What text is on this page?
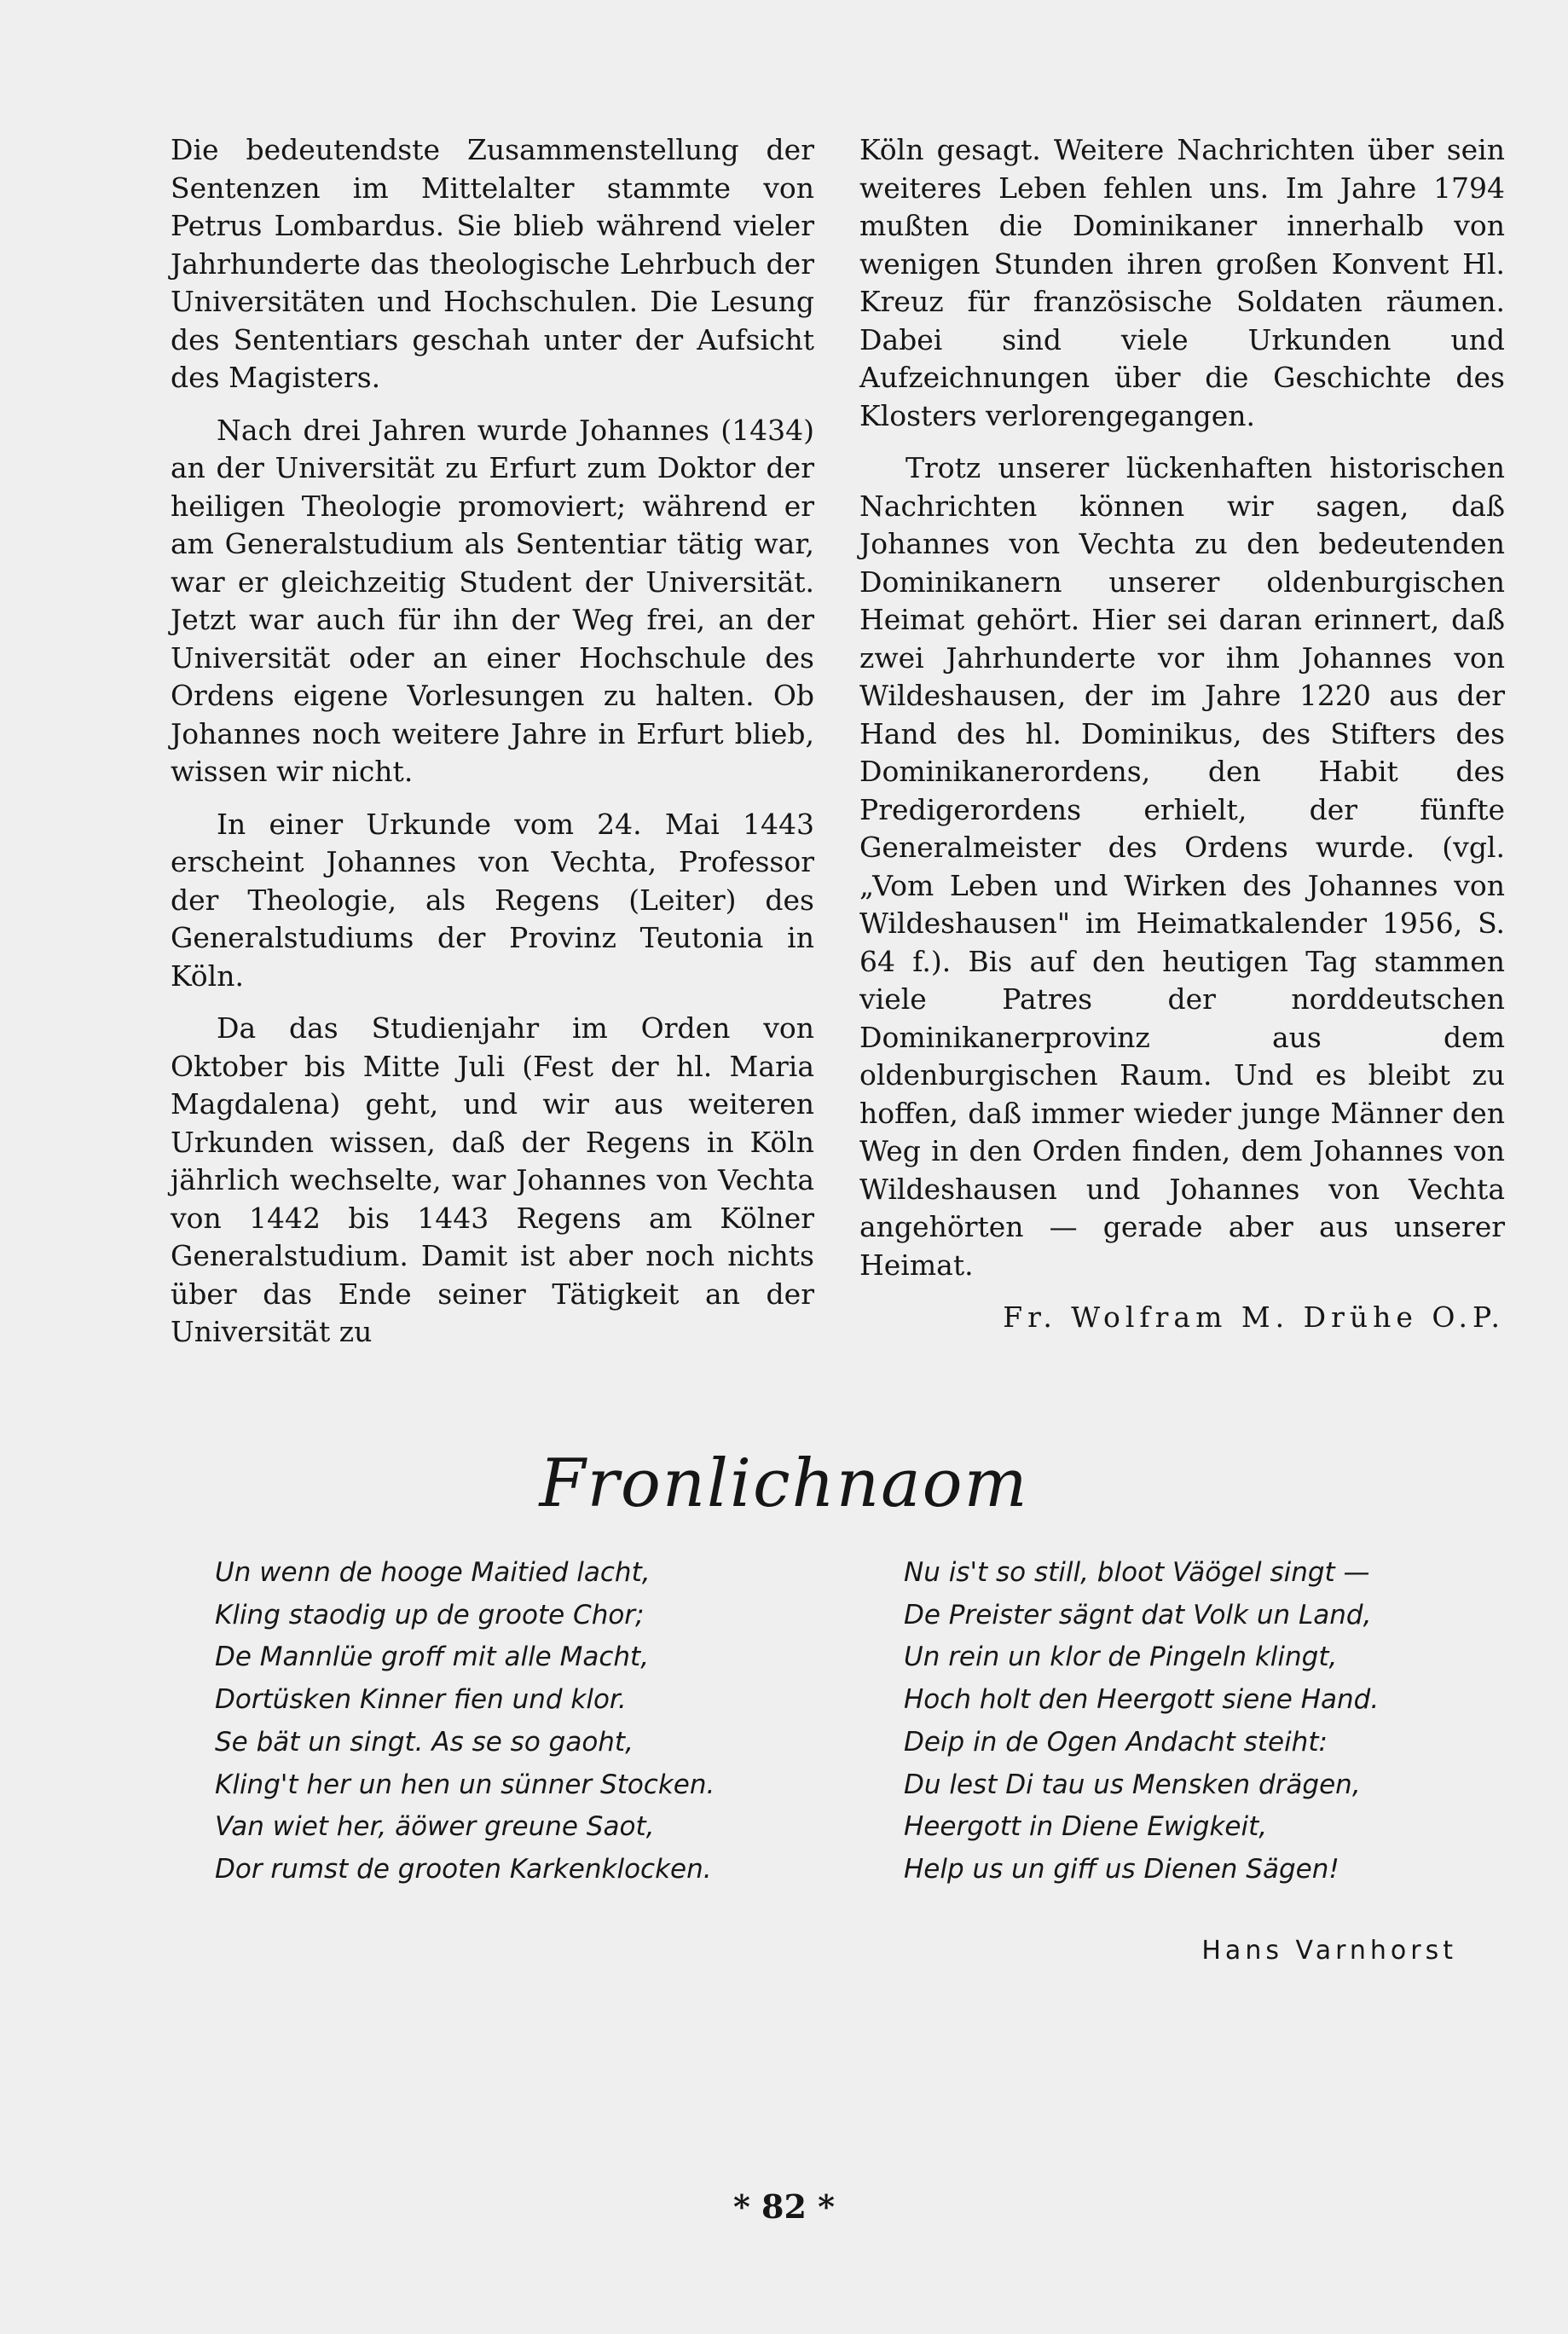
Die bedeutendste Zusammenstellung der Sentenzen im Mittelalter stammte von Petrus Lombardus. Sie blieb während vieler Jahrhunderte das theologische Lehrbuch der Universitäten und Hochschulen. Die Lesung des Sententiars geschah unter der Aufsicht des Magisters.

Nach drei Jahren wurde Johannes (1434) an der Universität zu Erfurt zum Doktor der heiligen Theologie promoviert; während er am Generalstudium als Sententiar tätig war, war er gleichzeitig Student der Universität. Jetzt war auch für ihn der Weg frei, an der Universität oder an einer Hochschule des Ordens eigene Vorlesungen zu halten. Ob Johannes noch weitere Jahre in Erfurt blieb, wissen wir nicht.

In einer Urkunde vom 24. Mai 1443 erscheint Johannes von Vechta, Professor der Theologie, als Regens (Leiter) des Generalstudiums der Provinz Teutonia in Köln.

Da das Studienjahr im Orden von Oktober bis Mitte Juli (Fest der hl. Maria Magdalena) geht, und wir aus weiteren Urkunden wissen, daß der Regens in Köln jährlich wechselte, war Johannes von Vechta von 1442 bis 1443 Regens am Kölner Generalstudium. Damit ist aber noch nichts über das Ende seiner Tätigkeit an der Universität zu

Köln gesagt. Weitere Nachrichten über sein weiteres Leben fehlen uns. Im Jahre 1794 mußten die Dominikaner innerhalb von wenigen Stunden ihren großen Konvent Hl. Kreuz für französische Soldaten räumen. Dabei sind viele Urkunden und Aufzeichnungen über die Geschichte des Klosters verlorengegangen.

Trotz unserer lückenhaften historischen Nachrichten können wir sagen, daß Johannes von Vechta zu den bedeutenden Dominikanern unserer oldenburgischen Heimat gehört. Hier sei daran erinnert, daß zwei Jahrhunderte vor ihm Johannes von Wildeshausen, der im Jahre 1220 aus der Hand des hl. Dominikus, des Stifters des Dominikanerordens, den Habit des Predigerordens erhielt, der fünfte Generalmeister des Ordens wurde. (vgl. „Vom Leben und Wirken des Johannes von Wildeshausen" im Heimatkalender 1956, S. 64 f.). Bis auf den heutigen Tag stammen viele Patres der norddeutschen Dominikanerprovinz aus dem oldenburgischen Raum. Und es bleibt zu hoffen, daß immer wieder junge Männer den Weg in den Orden finden, dem Johannes von Wildeshausen und Johannes von Vechta angehörten — gerade aber aus unserer Heimat.

Fr. Wolfram M. Drühe O.P.
Fronlichnaom
Un wenn de hooge Maitied lacht,
Kling staodig up de groote Chor;
De Mannlüe groff mit alle Macht,
Dortüsken Kinner fien und klor.
Se bät un singt. As se so gaoht,
Kling't her un hen un sünner Stocken.
Van wiet her, äöwer greune Saot,
Dor rumst de grooten Karkenklocken.
Nu is't so still, bloot Väögel singt —
De Preister sägnt dat Volk un Land,
Un rein un klor de Pingeln klingt,
Hoch holt den Heergott siene Hand.
Deip in de Ogen Andacht steiht:
Du lest Di tau us Mensken drägen,
Heergott in Diene Ewigkeit,
Help us un giff us Dienen Sägen!
Hans Varnhorst
* 82 *
